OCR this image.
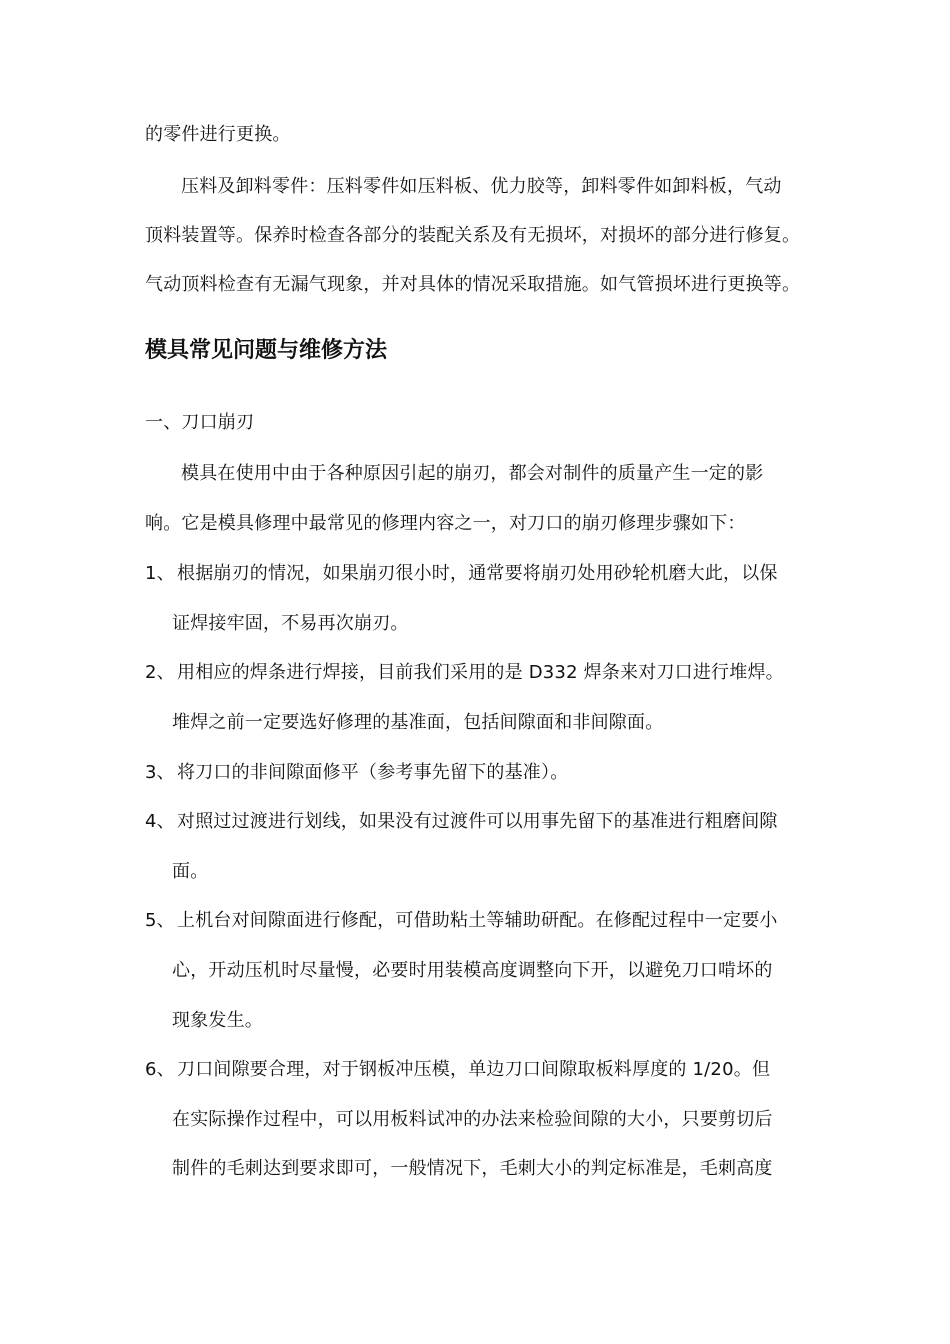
的零件进行更换。
压料及卸料零件：压料零件如压料板、优力胶等，卸料零件如卸料板，气动
顶料装置等。保养时检查各部分的装配关系及有无损坏，对损坏的部分进行修复。
气动顶料检查有无漏气现象，并对具体的情况采取措施。如气管损坏进行更换等。
模具常见问题与维修方法
一、刀口崩刃
模具在使用中由于各种原因引起的崩刃，都会对制件的质量产生一定的影
响。它是模具修理中最常见的修理内容之一，对刀口的崩刃修理步骤如下：
1、 根据崩刃的情况，如果崩刃很小时，通常要将崩刃处用砂轮机磨大此，以保
证焊接牢固，不易再次崩刃。
2、 用相应的焊条进行焊接，目前我们采用的是 D332 焊条来对刀口进行堆焊。
堆焊之前一定要选好修理的基准面，包括间隙面和非间隙面。
3、 将刀口的非间隙面修平（参考事先留下的基准）。
4、 对照过过渡进行划线，如果没有过渡件可以用事先留下的基准进行粗磨间隙
面。
5、 上机台对间隙面进行修配，可借助粘土等辅助研配。在修配过程中一定要小
心，开动压机时尽量慢，必要时用装模高度调整向下开，以避免刀口啃坏的
现象发生。
6、 刀口间隙要合理，对于钢板冲压模，单边刀口间隙取板料厚度的 1/20。但
在实际操作过程中，可以用板料试冲的办法来检验间隙的大小，只要剪切后
制件的毛刺达到要求即可，一般情况下，毛刺大小的判定标准是，毛刺高度
